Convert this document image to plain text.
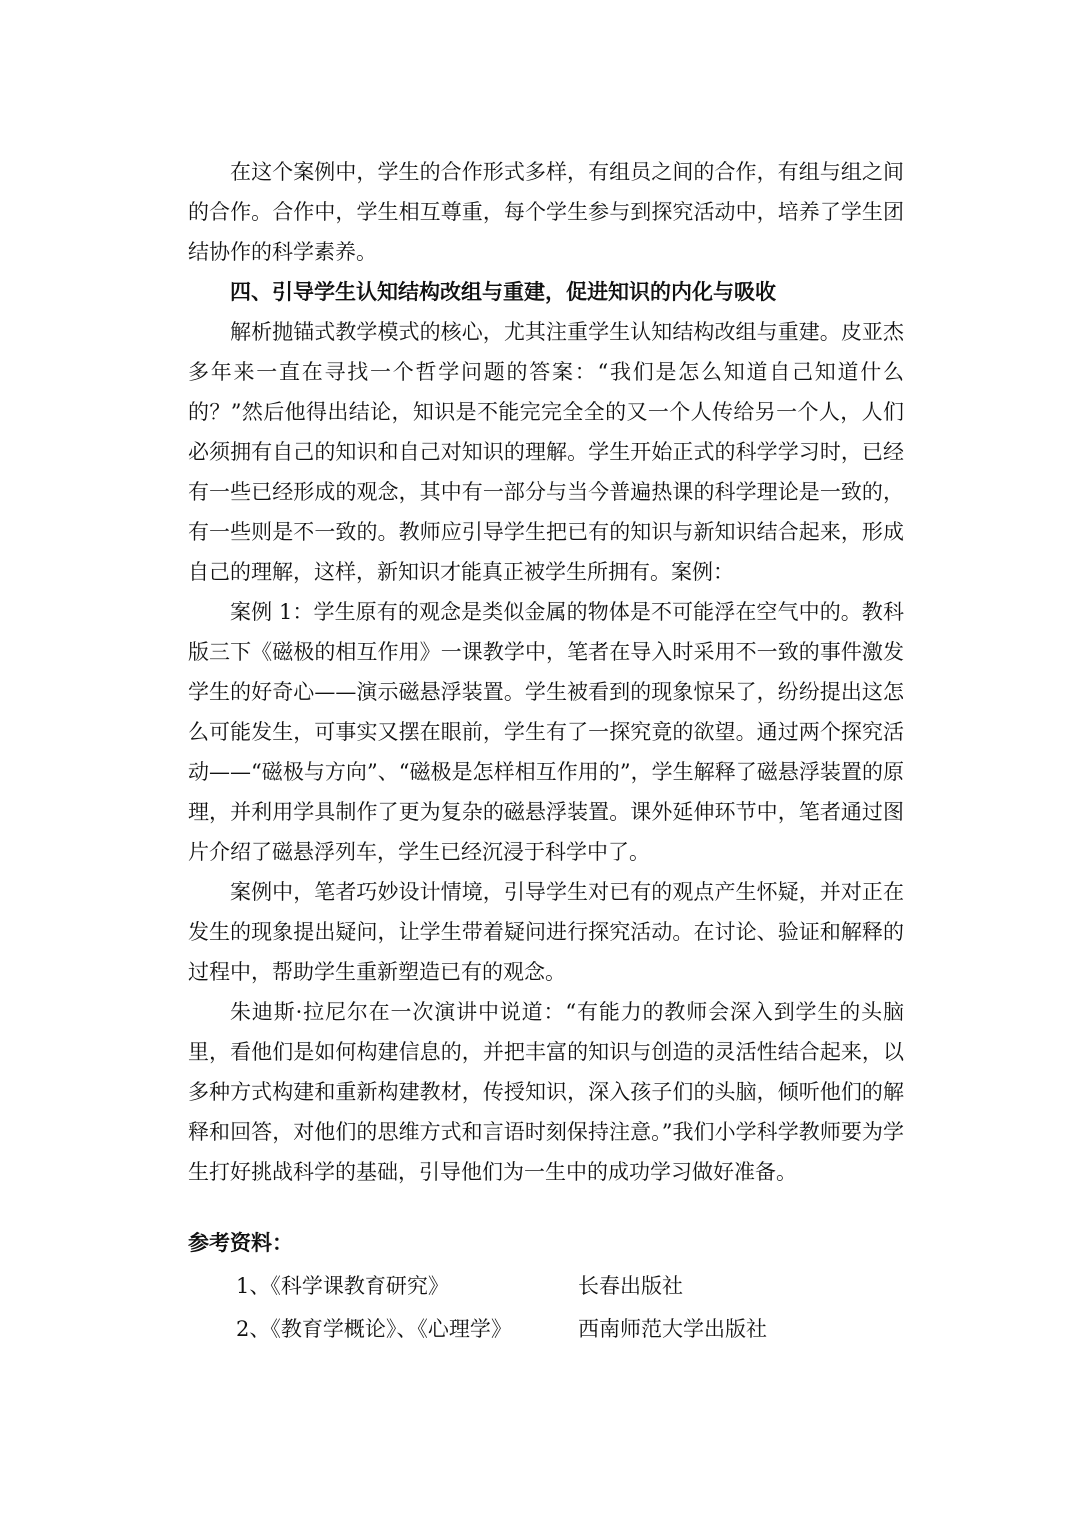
在这个案例中，学生的合作形式多样，有组员之间的合作，有组与组之间的合作。合作中，学生相互尊重，每个学生参与到探究活动中，培养了学生团结协作的科学素养。

四、引导学生认知结构改组与重建，促进知识的内化与吸收

解析抛锚式教学模式的核心，尤其注重学生认知结构改组与重建。皮亚杰多年来一直在寻找一个哲学问题的答案：“我们是怎么知道自己知道什么的？”然后他得出结论，知识是不能完完全全的又一个人传给另一个人，人们必须拥有自己的知识和自己对知识的理解。学生开始正式的科学学习时，已经有一些已经形成的观念，其中有一部分与当今普遍热课的科学理论是一致的，有一些则是不一致的。教师应引导学生把已有的知识与新知识结合起来，形成自己的理解，这样，新知识才能真正被学生所拥有。案例：

案例 1：学生原有的观念是类似金属的物体是不可能浮在空气中的。教科版三下《磁极的相互作用》一课教学中，笔者在导入时采用不一致的事件激发学生的好奇心——演示磁悬浮装置。学生被看到的现象惊呆了，纷纷提出这怎么可能发生，可事实又摆在眼前，学生有了一探究竟的欲望。通过两个探究活动——“磁极与方向”、“磁极是怎样相互作用的”，学生解释了磁悬浮装置的原理，并利用学具制作了更为复杂的磁悬浮装置。课外延伸环节中，笔者通过图片介绍了磁悬浮列车，学生已经沉浸于科学中了。

案例中，笔者巧妙设计情境，引导学生对已有的观点产生怀疑，并对正在发生的现象提出疑问，让学生带着疑问进行探究活动。在讨论、验证和解释的过程中，帮助学生重新塑造已有的观念。

朱迪斯·拉尼尔在一次演讲中说道：“有能力的教师会深入到学生的头脑里，看他们是如何构建信息的，并把丰富的知识与创造的灵活性结合起来，以多种方式构建和重新构建教材，传授知识，深入孩子们的头脑，倾听他们的解释和回答，对他们的思维方式和言语时刻保持注意。”我们小学科学教师要为学生打好挑战科学的基础，引导他们为一生中的成功学习做好准备。

参考资料：

1、《科学课教育研究》	长春出版社
2、《教育学概论》、《心理学》	西南师范大学出版社
